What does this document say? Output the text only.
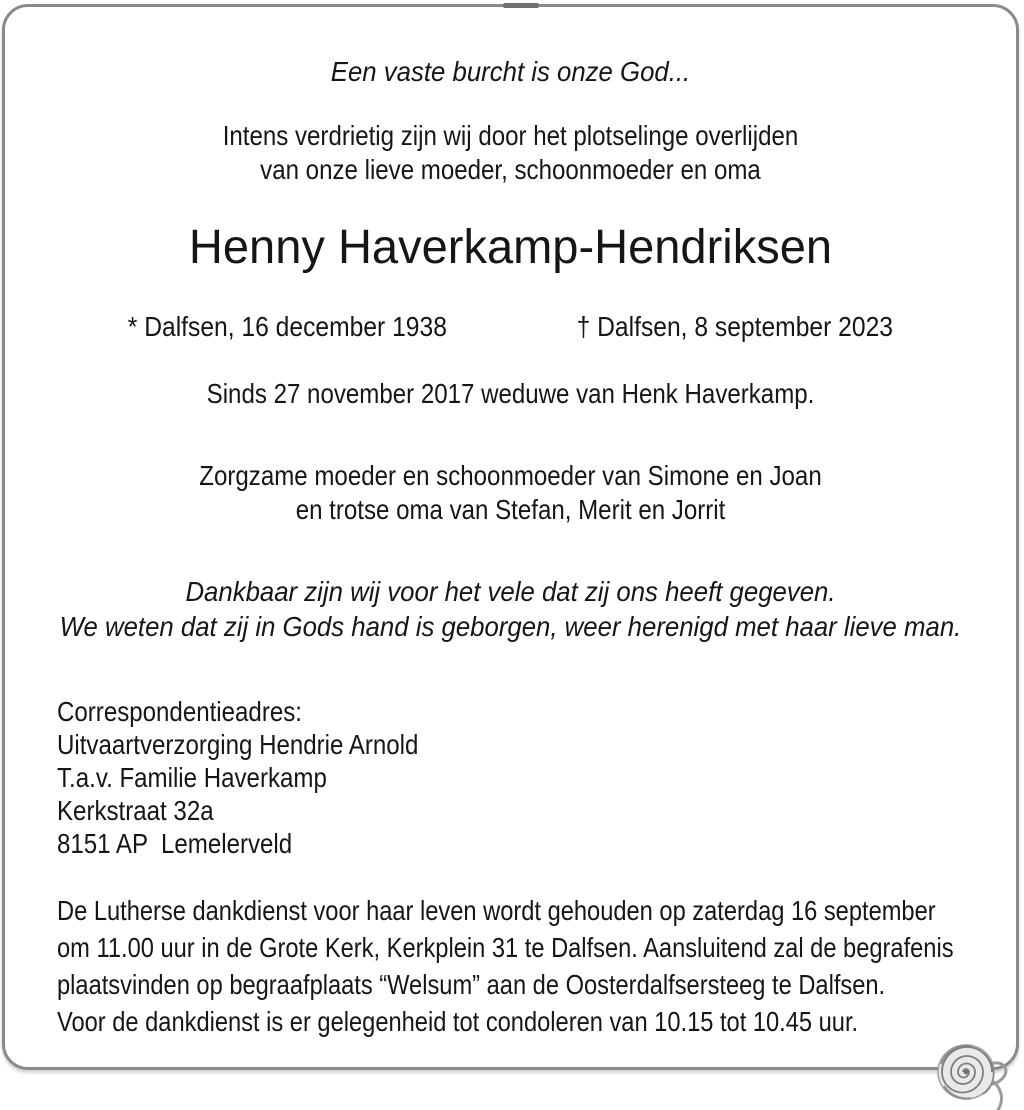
Een vaste burcht is onze God...
Intens verdrietig zijn wij door het plotselinge overlijden
van onze lieve moeder, schoonmoeder en oma
Henny Haverkamp-Hendriksen
* Dalfsen, 16 december 1938	† Dalfsen, 8 september 2023
Sinds 27 november 2017 weduwe van Henk Haverkamp.
Zorgzame moeder en schoonmoeder van Simone en Joan
en trotse oma van Stefan, Merit en Jorrit
Dankbaar zijn wij voor het vele dat zij ons heeft gegeven.
We weten dat zij in Gods hand is geborgen, weer herenigd met haar lieve man.
Correspondentieadres:
Uitvaartverzorging Hendrie Arnold
T.a.v. Familie Haverkamp
Kerkstraat 32a
8151 AP  Lemelerveld
De Lutherse dankdienst voor haar leven wordt gehouden op zaterdag 16 september
om 11.00 uur in de Grote Kerk, Kerkplein 31 te Dalfsen. Aansluitend zal de begrafenis
plaatsvinden op begraafplaats “Welsum” aan de Oosterdalfsersteeg te Dalfsen.
Voor de dankdienst is er gelegenheid tot condoleren van 10.15 tot 10.45 uur.
